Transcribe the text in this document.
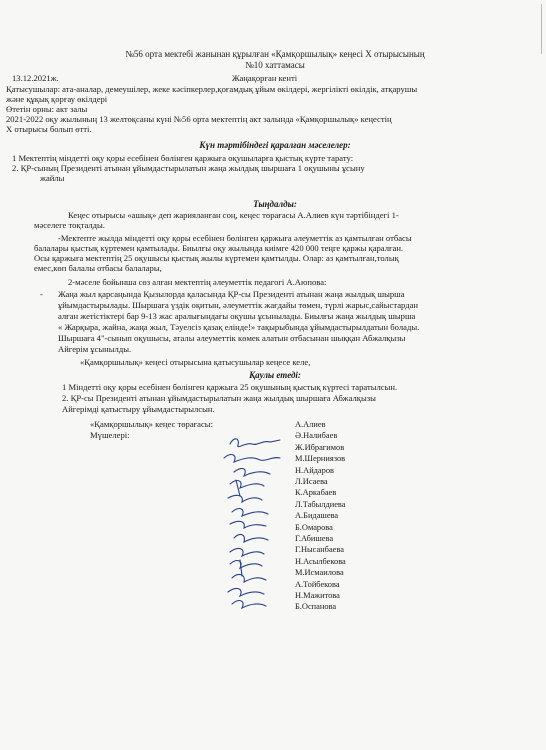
№56 орта мектебі жанынан құрылған «Қамқоршылық» кеңесі Х отырысының
№10 хаттамасы
13.12.2021ж.	Жаңақорған кенті
Қатысушылар: ата-аналар, демеушілер, жеке кәсіпкерлер,қоғамдық ұйым өкілдері, жергілікті өкілдік, атқарушы
және құқық қорғау өкілдері
Өтетін орны: акт залы
2021-2022 оқу жылының 13 желтоқсаны күні №56 орта мектептің акт залында «Қамқоршылық» кеңестің
Х отырысы болып өтті.
Күн тәртібіндегі қаралған мәселелер:
1 Мектептің міндетті оқу қоры есебінен бөлінген қаржыға оқушыларға қыстық күрте тарату:
2. ҚР-сының Президенті атынан ұйымдастырылатын жаңа жылдық шыршаға 1 оқушыны ұсыну
жайлы
Тыңдалды:
Кеңес отырысы «ашық» деп жарияланған соң, кеңес төрағасы А.Алиев күн тәртібіндегі 1-
мәселеге тоқталды.
-Мектепте жылда міндетті оқу қоры есебінен бөлінген қаржыға әлеуметтік аз қамтылған отбасы
балалары қыстық күртемен қамтылады. Биылғы оқу жылында киімге 420 000 теңге қаржы қаралған.
Осы қаржыға мектептің 25 оқушысы қыстық жылы күртемен қамтылды. Олар: аз қамтылған,толық
емес,көп балалы отбасы балалары,
2-мәселе бойынша сөз алған мектептің әлеуметтік педагогі А.Аюпова:
- Жаңа жыл қарсаңында Қызылорда қаласында ҚР-сы Президенті атынан жаңа жылдық шырша
ұйымдастырылады. Шыршаға үздік оқитын, әлеуметтік жағдайы төмен, түрлі жарыс,сайыстардан
алған жетістіктері бар 9-13 жас аралығындағы оқушы ұсынылады. Биылғы жаңа жылдық шырша
« Жарқыра, жайна, жаңа жыл, Тәуелсіз қазақ елінде!» тақырыбында ұйымдастырылдатын болады.
Шыршаға 4"-сынып оқушысы, аталы әлеуметтік көмек алатын отбасынан шыққан Абжалқызы
Айгерім ұсынылды.
«Қамқоршылық» кеңесі отырысына қатысушылар кеңесе келе,
Қаулы етеді:
1 Міндетті оқу қоры есебінен бөлінген қаржыға 25 оқушының қыстық күртесі таратылсын.
2. ҚР-сы Президенті атынан ұйымдастырылатын жаңа жылдық шыршаға Абжалқызы
Айгерімді қатыстыру ұйымдастырылсын.
«Қамқоршылық» кеңес төрағасы:
Мүшелері:
А.Алиев
Ә.Налибаев
Ж.Ибрагимов
М.Шерниязов
Н.Айдаров
Л.Исаева
К.Аркабаев
Л.Табылдиева
А.Бидашева
Б.Омарова
Г.Абишева
Г.Нысанбаева
Н.Асылбекова
М.Исмаилова
А.Тойбекова
Н.Мажитова
Б.Оспанова
